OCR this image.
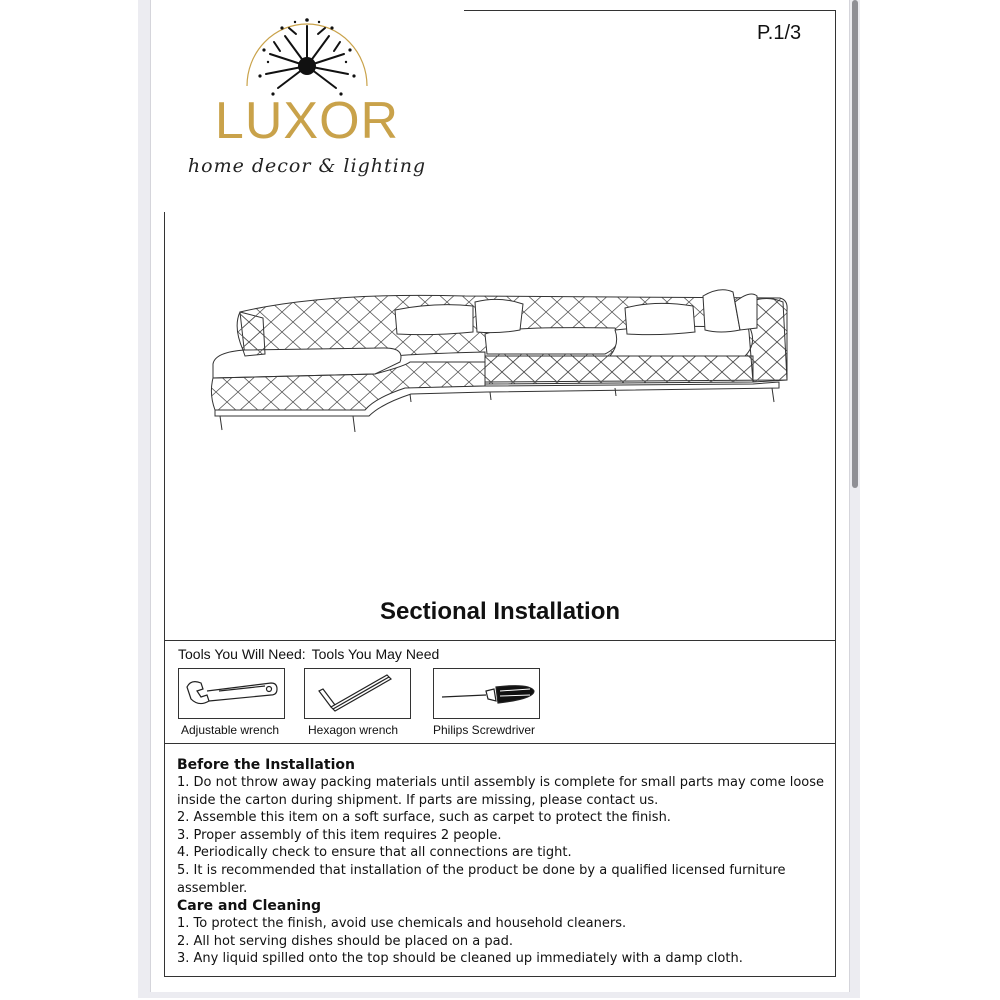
LUXOR
home decor & lighting
P.1/3
Sectional Installation
Tools You Will Need: Tools You May Need
Adjustable wrench Hexagon wrench	Philips Screwdriver
Before the Installation

1. Do not throw away packing materials until assembly is complete for small parts may come loose inside the carton during shipment. If parts are missing, please contact us.

2. Assemble this item on a soft surface, such as carpet to protect the finish.

3. Proper assembly of this item requires 2 people.

4. Periodically check to ensure that all connections are tight.

5. It is recommended that installation of the product be done by a qualified licensed furniture assembler.

Care and Cleaning

1. To protect the finish, avoid use chemicals and household cleaners.

2. All hot serving dishes should be placed on a pad.

3. Any liquid spilled onto the top should be cleaned up immediately with a damp cloth.
